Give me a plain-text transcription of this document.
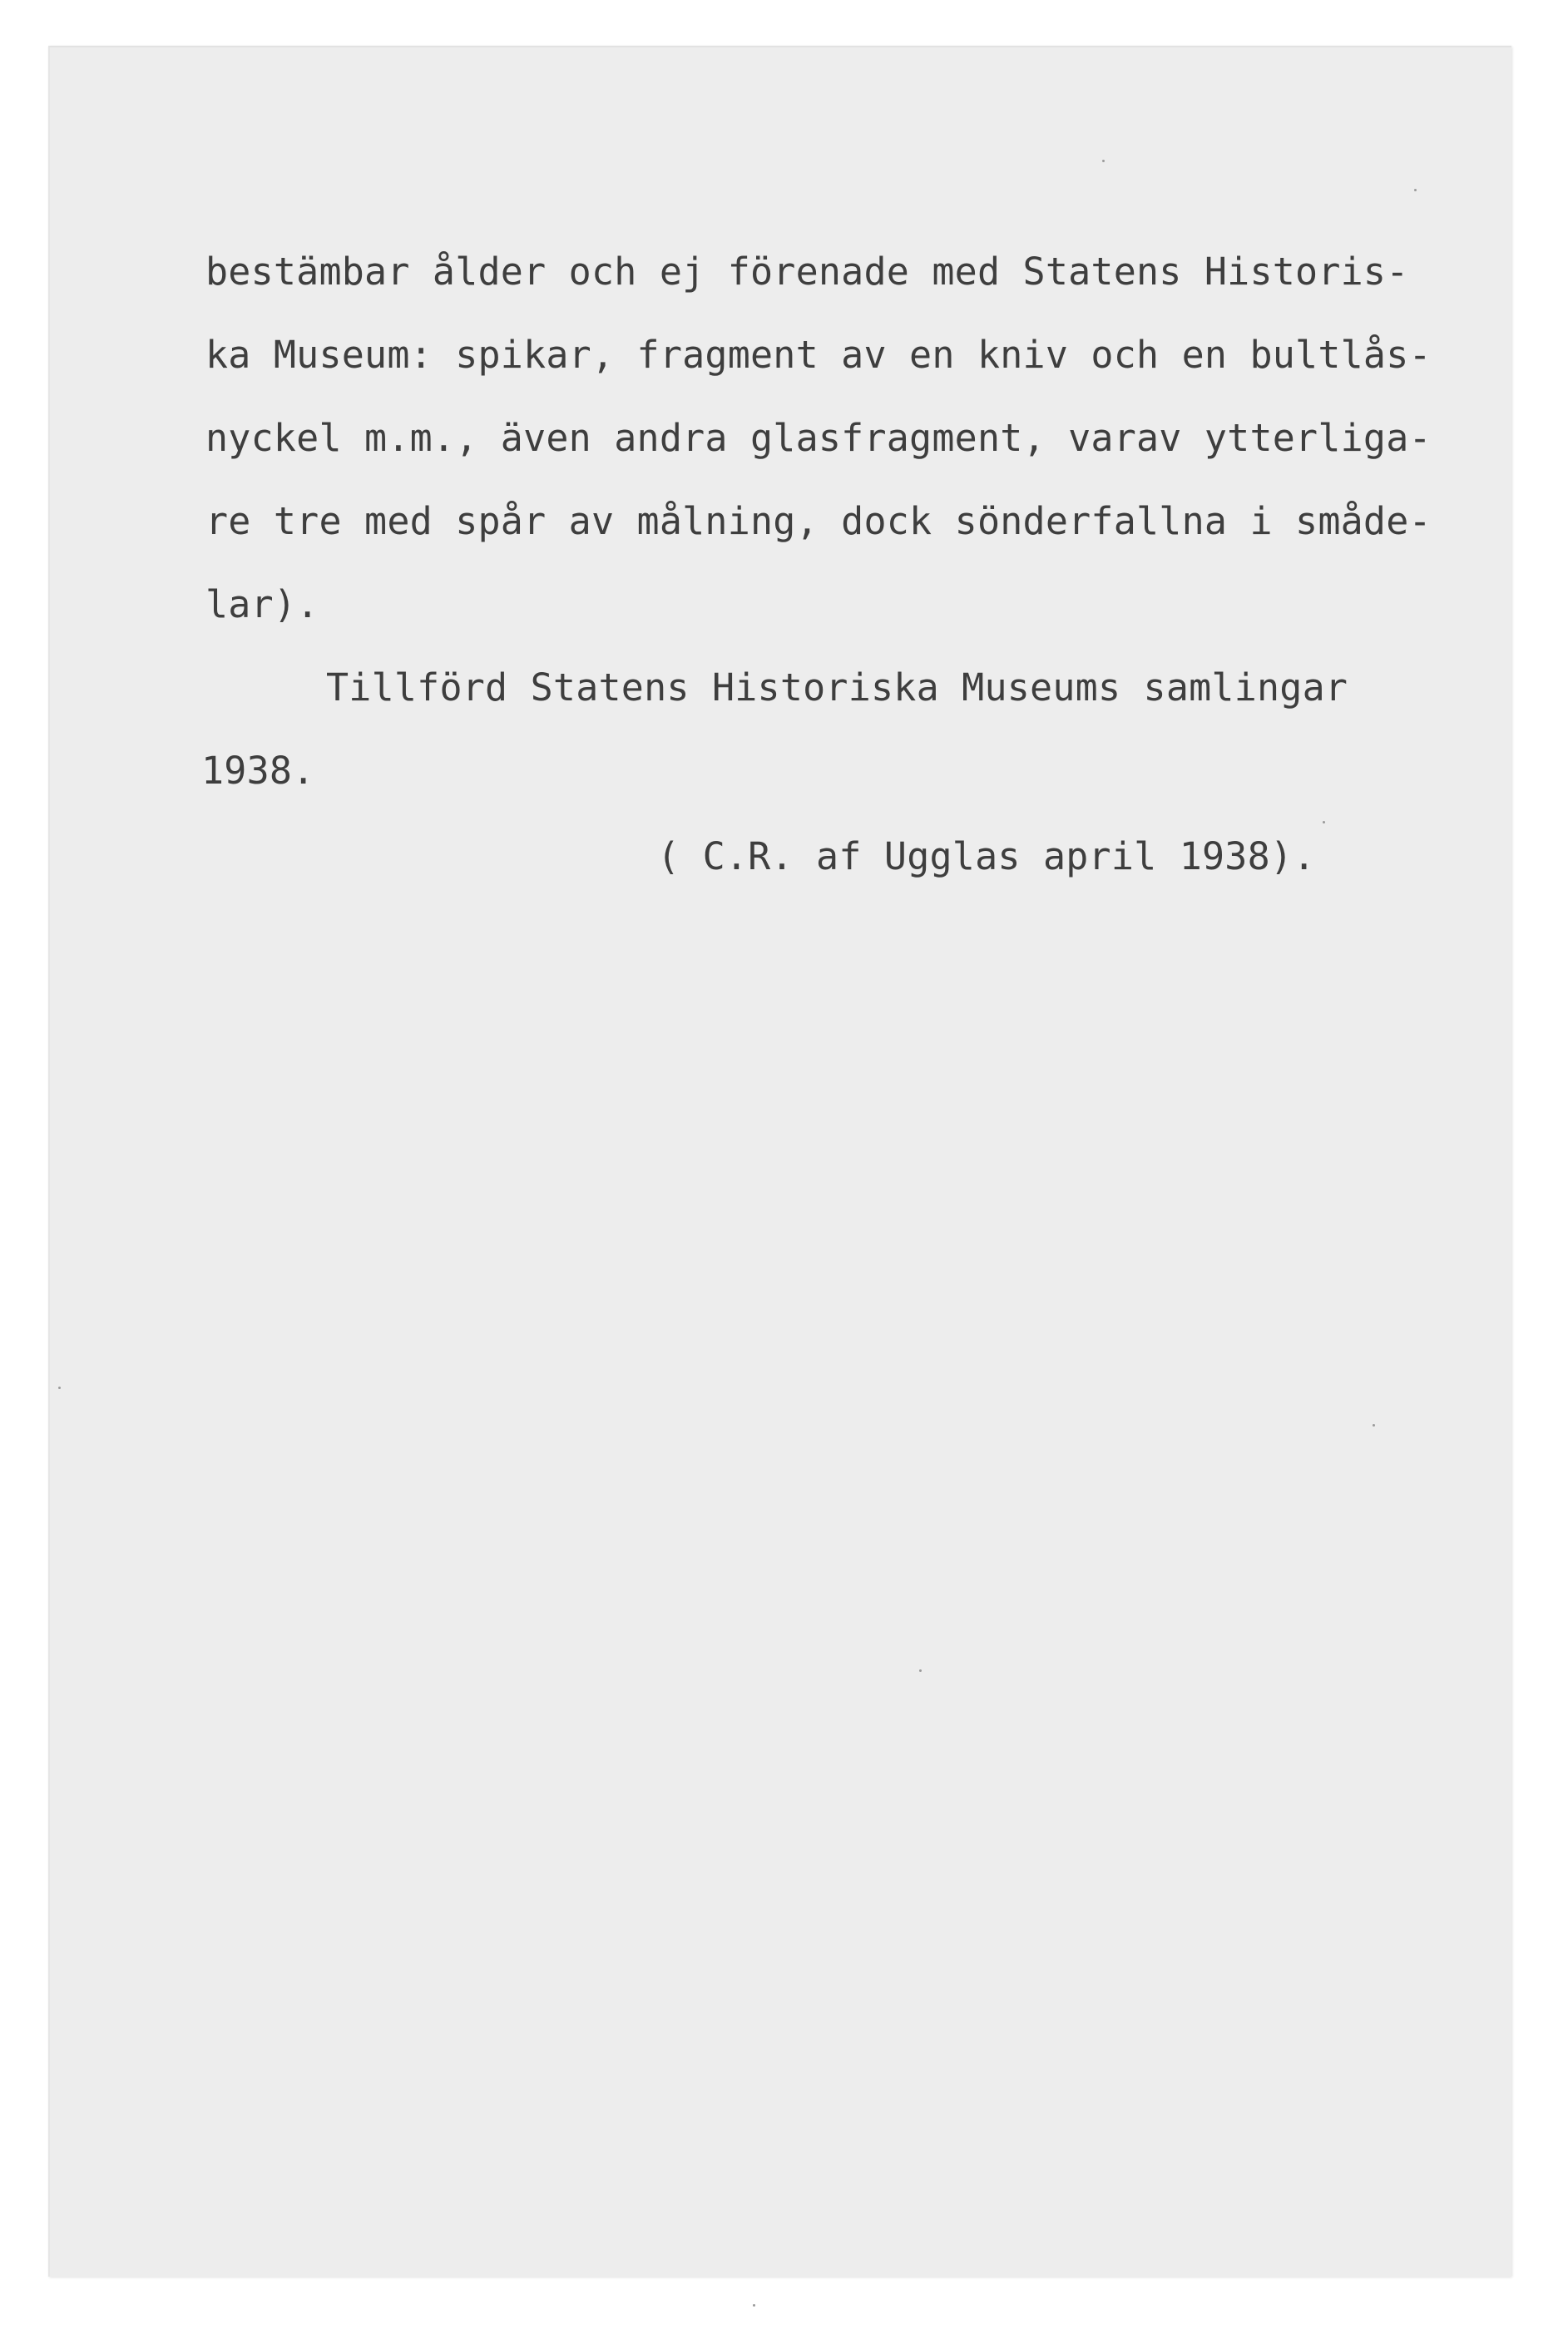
bestämbar ålder och ej förenade med Statens Historis-

ka Museum: spikar, fragment av en kniv och en bultlås-

nyckel m.m., även andra glasfragment, varav ytterliga-

re tre med spår av målning, dock sönderfallna i småde-

lar).

Tillförd Statens Historiska Museums samlingar

1938.

( C.R. af Ugglas april 1938).
